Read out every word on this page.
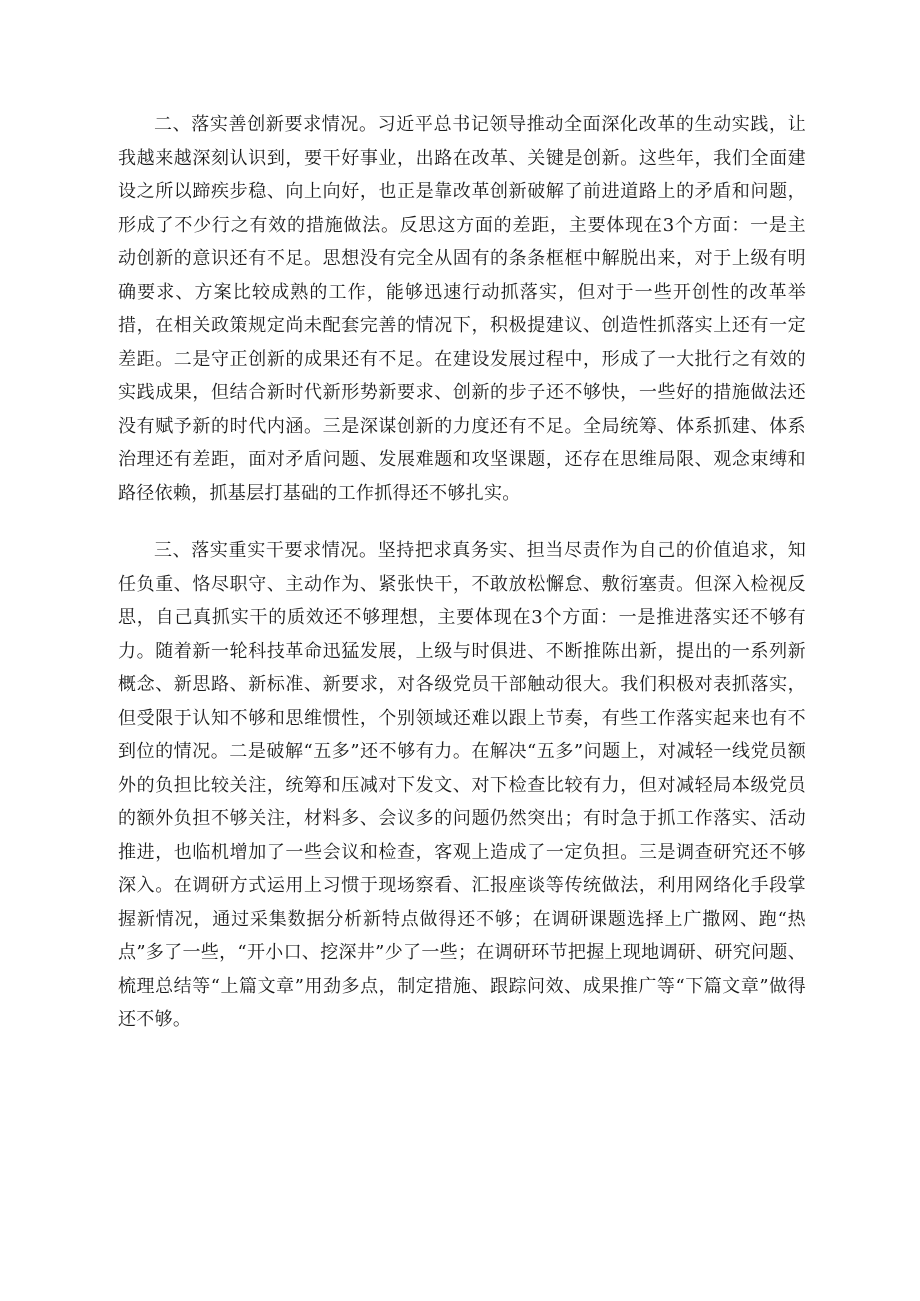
二、落实善创新要求情况。习近平总书记领导推动全面深化改革的生动实践，让我越来越深刻认识到，要干好事业，出路在改革、关键是创新。这些年，我们全面建设之所以蹄疾步稳、向上向好，也正是靠改革创新破解了前进道路上的矛盾和问题，形成了不少行之有效的措施做法。反思这方面的差距，主要体现在3个方面：一是主动创新的意识还有不足。思想没有完全从固有的条条框框中解脱出来，对于上级有明确要求、方案比较成熟的工作，能够迅速行动抓落实，但对于一些开创性的改革举措，在相关政策规定尚未配套完善的情况下，积极提建议、创造性抓落实上还有一定差距。二是守正创新的成果还有不足。在建设发展过程中，形成了一大批行之有效的实践成果，但结合新时代新形势新要求、创新的步子还不够快，一些好的措施做法还没有赋予新的时代内涵。三是深谋创新的力度还有不足。全局统筹、体系抓建、体系治理还有差距，面对矛盾问题、发展难题和攻坚课题，还存在思维局限、观念束缚和路径依赖，抓基层打基础的工作抓得还不够扎实。

三、落实重实干要求情况。坚持把求真务实、担当尽责作为自己的价值追求，知任负重、恪尽职守、主动作为、紧张快干，不敢放松懈怠、敷衍塞责。但深入检视反思，自己真抓实干的质效还不够理想，主要体现在3个方面：一是推进落实还不够有力。随着新一轮科技革命迅猛发展，上级与时俱进、不断推陈出新，提出的一系列新概念、新思路、新标准、新要求，对各级党员干部触动很大。我们积极对表抓落实，但受限于认知不够和思维惯性，个别领域还难以跟上节奏，有些工作落实起来也有不到位的情况。二是破解“五多”还不够有力。在解决“五多”问题上，对减轻一线党员额外的负担比较关注，统筹和压减对下发文、对下检查比较有力，但对减轻局本级党员的额外负担不够关注，材料多、会议多的问题仍然突出；有时急于抓工作落实、活动推进，也临机增加了一些会议和检查，客观上造成了一定负担。三是调查研究还不够深入。在调研方式运用上习惯于现场察看、汇报座谈等传统做法，利用网络化手段掌握新情况，通过采集数据分析新特点做得还不够；在调研课题选择上广撒网、跑“热点”多了一些，“开小口、挖深井”少了一些；在调研环节把握上现地调研、研究问题、梳理总结等“上篇文章”用劲多点，制定措施、跟踪问效、成果推广等“下篇文章”做得还不够。
